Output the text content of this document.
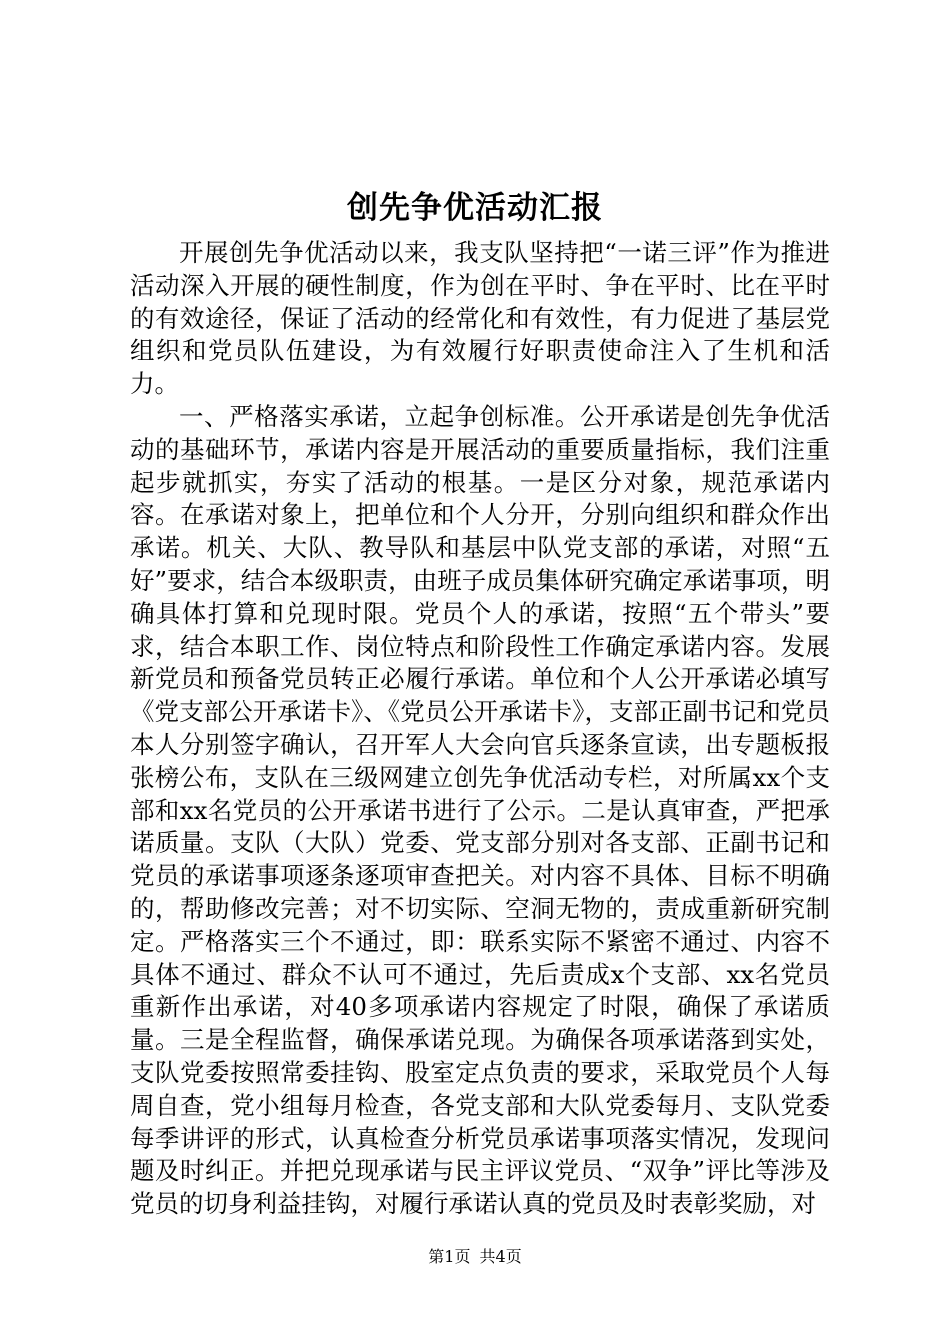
创先争优活动汇报

开展创先争优活动以来，我支队坚持把“一诺三评”作为推进活动深入开展的硬性制度，作为创在平时、争在平时、比在平时的有效途径，保证了活动的经常化和有效性，有力促进了基层党组织和党员队伍建设，为有效履行好职责使命注入了生机和活力。

一、严格落实承诺，立起争创标准。公开承诺是创先争优活动的基础环节，承诺内容是开展活动的重要质量指标，我们注重起步就抓实，夯实了活动的根基。一是区分对象，规范承诺内容。在承诺对象上，把单位和个人分开，分别向组织和群众作出承诺。机关、大队、教导队和基层中队党支部的承诺，对照“五好”要求，结合本级职责，由班子成员集体研究确定承诺事项，明确具体打算和兑现时限。党员个人的承诺，按照“五个带头”要求，结合本职工作、岗位特点和阶段性工作确定承诺内容。发展新党员和预备党员转正必履行承诺。单位和个人公开承诺必填写《党支部公开承诺卡》、《党员公开承诺卡》，支部正副书记和党员本人分别签字确认，召开军人大会向官兵逐条宣读，出专题板报张榜公布，支队在三级网建立创先争优活动专栏，对所属xx个支部和xx名党员的公开承诺书进行了公示。二是认真审查，严把承诺质量。支队（大队）党委、党支部分别对各支部、正副书记和党员的承诺事项逐条逐项审查把关。对内容不具体、目标不明确的，帮助修改完善；对不切实际、空洞无物的，责成重新研究制定。严格落实三个不通过，即：联系实际不紧密不通过、内容不具体不通过、群众不认可不通过，先后责成x个支部、xx名党员重新作出承诺，对40多项承诺内容规定了时限，确保了承诺质量。三是全程监督，确保承诺兑现。为确保各项承诺落到实处，支队党委按照常委挂钩、股室定点负责的要求，采取党员个人每周自查，党小组每月检查，各党支部和大队党委每月、支队党委每季讲评的形式，认真检查分析党员承诺事项落实情况，发现问题及时纠正。并把兑现承诺与民主评议党员、“双争”评比等涉及党员的切身利益挂钩，对履行承诺认真的党员及时表彰奖励，对

第1页 共4页
